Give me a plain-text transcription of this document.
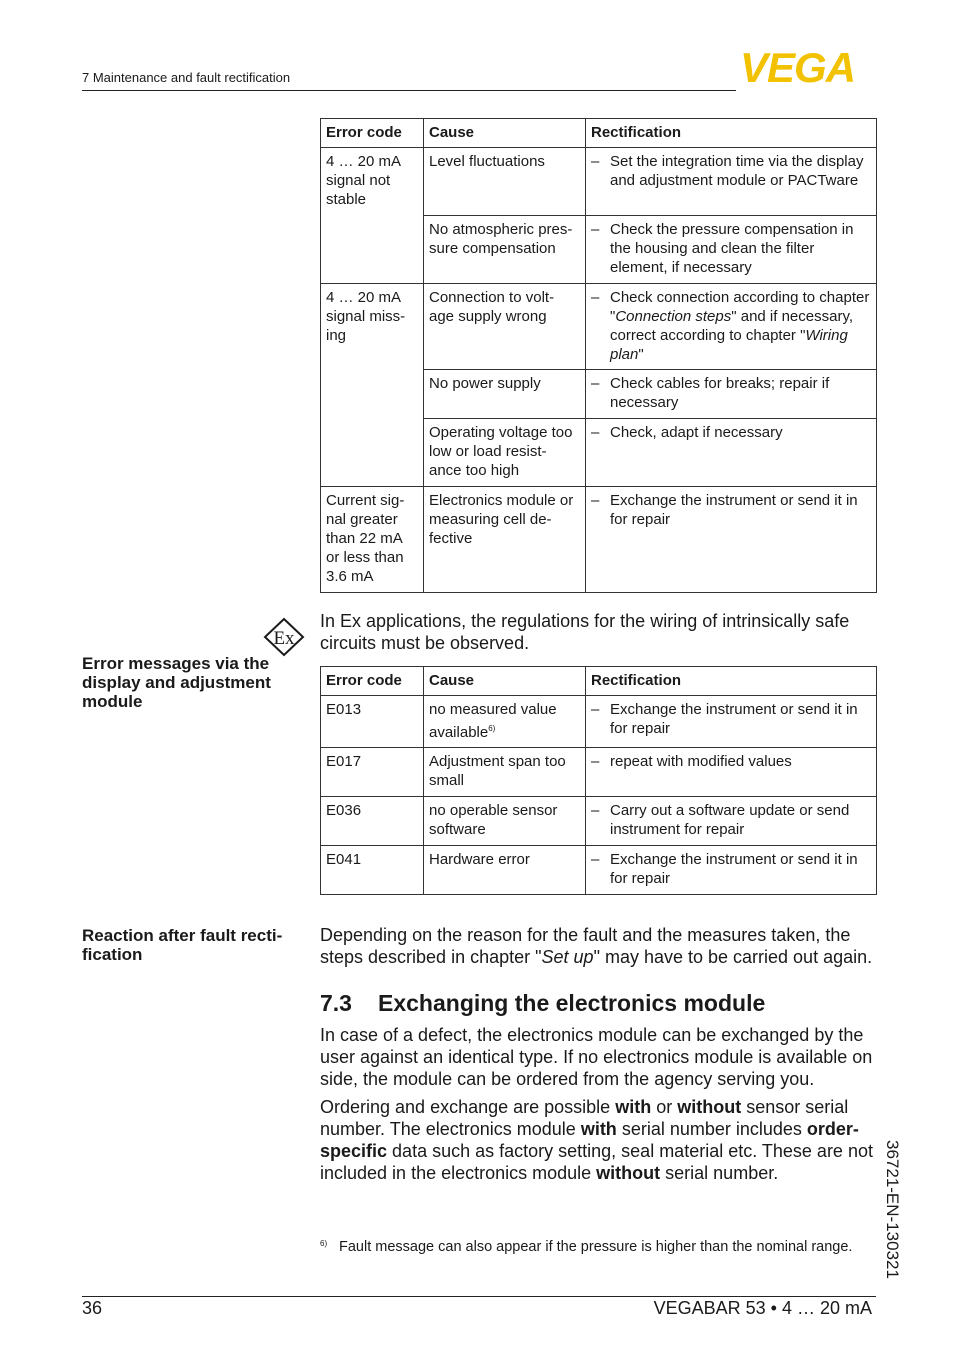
7 Maintenance and fault rectification	VEGA
Error code	Cause	Rectification
4 … 20 mA signal not stable	Level fluctuations	– Set the integration time via the display and adjustment module or PACTware

	No atmospheric pres- sure compensation	– Check the pressure compensation in the housing and clean the filter element, if necessary

4 … 20 mA signal miss- ing	Connection to volt- age supply wrong	– Check connection according to chapter "Connection steps" and if necessary, correct according to chapter "Wiring plan"

	No power supply	– Check cables for breaks; repair if necessary

	Operating voltage too low or load resist- ance too high	– Check, adapt if necessary

Current sig- nal greater than 22 mA or less than 3.6 mA	Electronics module or measuring cell de- fective	– Exchange the instrument or send it in for repair
Ex
In Ex applications, the regulations for the wiring of intrinsically safe circuits must be observed.
Error messages via the display and adjustment module
Error code	Cause	Rectification
E013	no measured value available$^{6)}$	– Exchange the instrument or send it in for repair

E017	Adjustment span too small	– repeat with modified values

E036	no operable sensor software	– Carry out a software update or send instrument for repair

E041	Hardware error	– Exchange the instrument or send it in for repair
Reaction after fault recti- fication
Depending on the reason for the fault and the measures taken, the steps described in chapter "Set up" may have to be carried out again.
7.3 Exchanging the electronics module
In case of a defect, the electronics module can be exchanged by the user against an identical type. If no electronics module is available on side, the module can be ordered from the agency serving you.
Ordering and exchange are possible with or without sensor serial number. The electronics module with serial number includes order- specific data such as factory setting, seal material etc. These are not included in the electronics module without serial number.
$^{6)}$ Fault message can also appear if the pressure is higher than the nominal range.	36721-EN-130321
36	VEGABAR 53 • 4 … 20 mA
